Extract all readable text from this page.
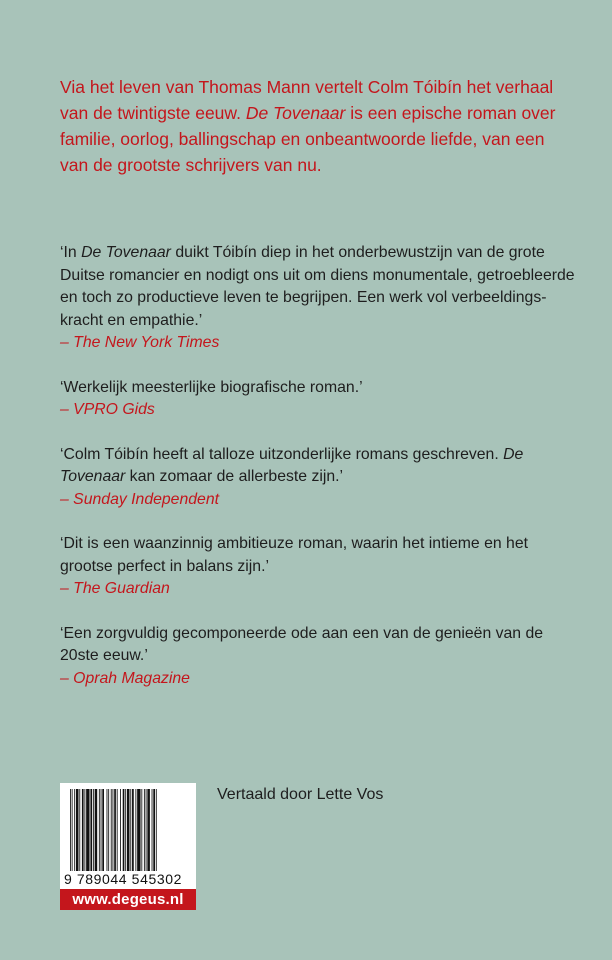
Via het leven van Thomas Mann vertelt Colm Tóibín het verhaal van de twintigste eeuw. De Tovenaar is een epische roman over familie, oorlog, ballingschap en onbeantwoorde liefde, van een van de grootste schrijvers van nu.

‘In De Tovenaar duikt Tóibín diep in het onderbewustzijn van de grote Duitse romancier en nodigt ons uit om diens monumentale, getroebleerde en toch zo productieve leven te begrijpen. Een werk vol verbeeldingskracht en empathie.’

– The New York Times

‘Werkelijk meesterlijke biografische roman.’

– VPRO Gids

‘Colm Tóibín heeft al talloze uitzonderlijke romans geschreven. De Tovenaar kan zomaar de allerbeste zijn.’

– Sunday Independent

‘Dit is een waanzinnig ambitieuze roman, waarin het intieme en het grootse perfect in balans zijn.’

– The Guardian

‘Een zorgvuldig gecomponeerde ode aan een van de genieën van de 20ste eeuw.’

– Oprah Magazine

9 789044 545302
www.degeus.nl
Vertaald door Lette Vos
